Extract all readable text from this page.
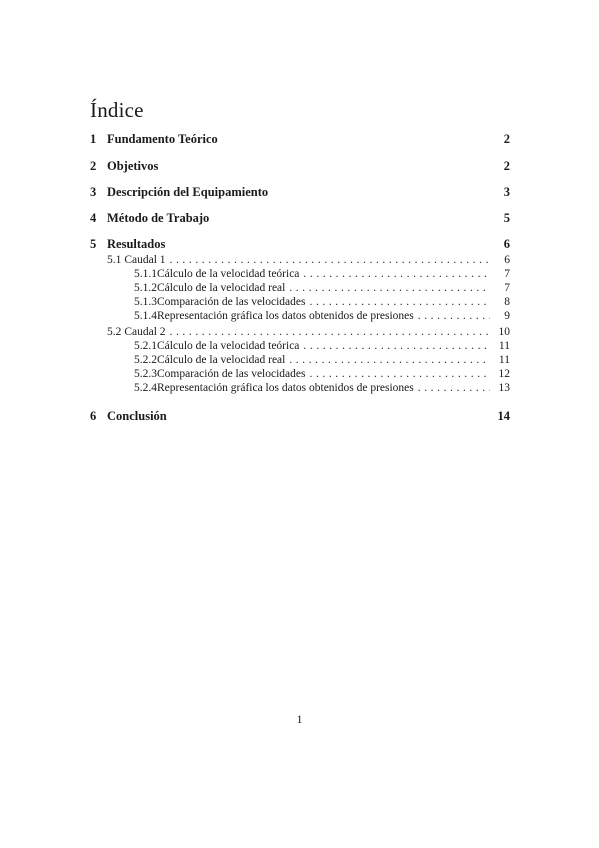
Índice
1 Fundamento Teórico	2
2 Objetivos	2
3 Descripción del Equipamiento	3
4 Método de Trabajo	5
5 Resultados	6
5.1 Caudal 1 . . .	6
5.1.1 Cálculo de la velocidad teórica . . .	7
5.1.2 Cálculo de la velocidad real . . .	7
5.1.3 Comparación de las velocidades . . .	8
5.1.4 Representación gráfica los datos obtenidos de presiones . . .	9
5.2 Caudal 2 . . .	10
5.2.1 Cálculo de la velocidad teórica . . .	11
5.2.2 Cálculo de la velocidad real . . .	11
5.2.3 Comparación de las velocidades . . .	12
5.2.4 Representación gráfica los datos obtenidos de presiones . . .	13
6 Conclusión	14
1
